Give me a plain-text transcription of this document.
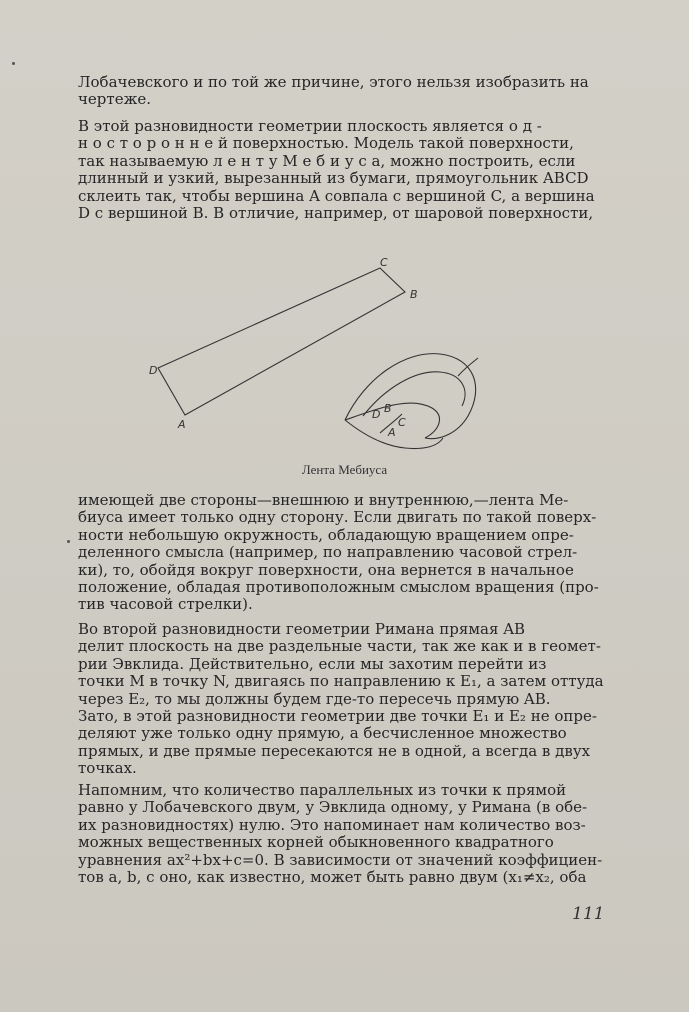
Лобачевского и по той же причине, этого нельзя изобразить на
чертеже.
В этой разновидности геометрии плоскость является о д -
н о с т о р о н н е й поверхностью. Модель такой поверхности,
так называемую л е н т у М е б и у с а, можно построить, если
длинный и узкий, вырезанный из бумаги, прямоугольник ABCD
склеить так, чтобы вершина A совпала с вершиной C, а вершина
D с вершиной B. В отличие, например, от шаровой поверхности,
C
B
D
A
D B
C
A
Лента Мебиуса
имеющей две стороны—внешнюю и внутреннюю,—лента Ме-
биуса имеет только одну сторону. Если двигать по такой поверх-
ности небольшую окружность, обладающую вращением опре-
деленного смысла (например, по направлению часовой стрел-
ки), то, обойдя вокруг поверхности, она вернется в начальное
положение, обладая противоположным смыслом вращения (про-
тив часовой стрелки).
Во второй разновидности геометрии Римана прямая AB
делит плоскость на две раздельные части, так же как и в геомет-
рии Эвклида. Действительно, если мы захотим перейти из
точки M в точку N, двигаясь по направлению к E₁, а затем оттуда
через E₂, то мы должны будем где-то пересечь прямую AB.
Зато, в этой разновидности геометрии две точки E₁ и E₂ не опре-
деляют уже только одну прямую, а бесчисленное множество
прямых, и две прямые пересекаются не в одной, а всегда в двух
точках.
Напомним, что количество параллельных из точки к прямой
равно у Лобачевского двум, у Эвклида одному, у Римана (в обе-
их разновидностях) нулю. Это напоминает нам количество воз-
можных вещественных корней обыкновенного квадратного
уравнения ax²+bx+c=0. В зависимости от значений коэффициен-
тов a, b, c оно, как известно, может быть равно двум (x₁≠x₂, оба
111
